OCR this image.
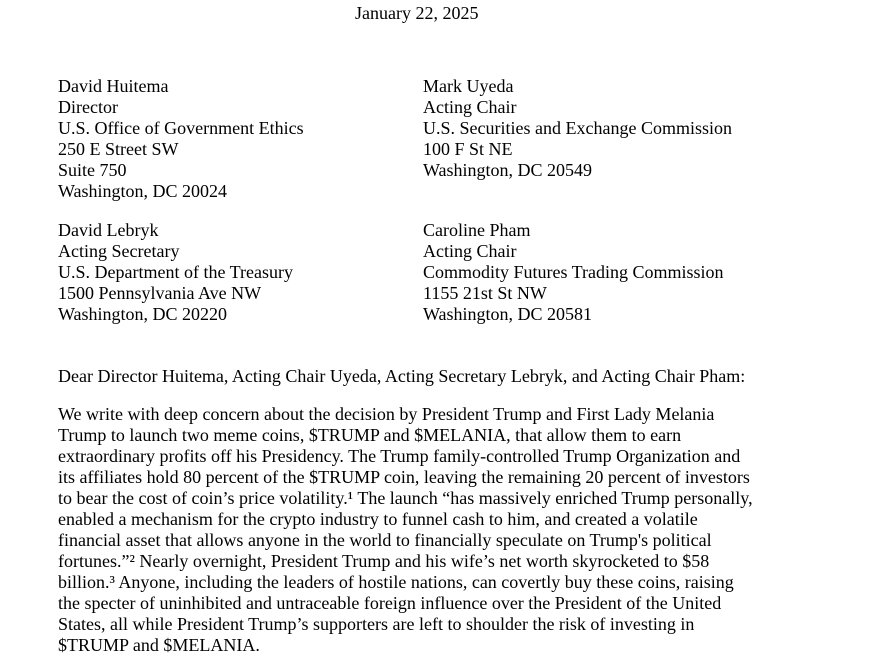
January 22, 2025
David Huitema
Director
U.S. Office of Government Ethics
250 E Street SW
Suite 750
Washington, DC 20024
Mark Uyeda
Acting Chair
U.S. Securities and Exchange Commission
100 F St NE
Washington, DC 20549
David Lebryk
Acting Secretary
U.S. Department of the Treasury
1500 Pennsylvania Ave NW
Washington, DC 20220
Caroline Pham
Acting Chair
Commodity Futures Trading Commission
1155 21st St NW
Washington, DC 20581
Dear Director Huitema, Acting Chair Uyeda, Acting Secretary Lebryk, and Acting Chair Pham:
We write with deep concern about the decision by President Trump and First Lady Melania
Trump to launch two meme coins, $TRUMP and $MELANIA, that allow them to earn
extraordinary profits off his Presidency. The Trump family-controlled Trump Organization and
its affiliates hold 80 percent of the $TRUMP coin, leaving the remaining 20 percent of investors
to bear the cost of coin’s price volatility.¹ The launch “has massively enriched Trump personally,
enabled a mechanism for the crypto industry to funnel cash to him, and created a volatile
financial asset that allows anyone in the world to financially speculate on Trump's political
fortunes.”² Nearly overnight, President Trump and his wife’s net worth skyrocketed to $58
billion.³ Anyone, including the leaders of hostile nations, can covertly buy these coins, raising
the specter of uninhibited and untraceable foreign influence over the President of the United
States, all while President Trump’s supporters are left to shoulder the risk of investing in
$TRUMP and $MELANIA.
